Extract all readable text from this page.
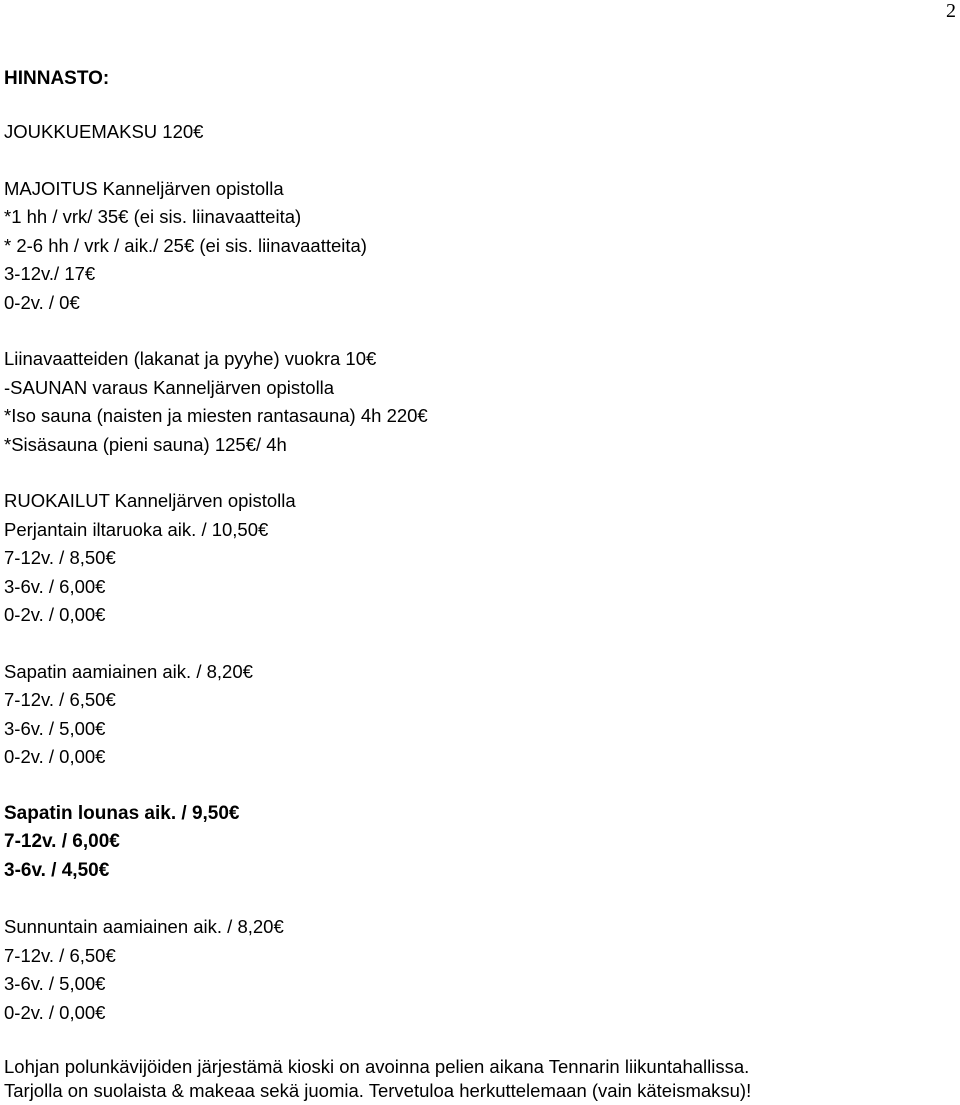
2
HINNASTO:
JOUKKUEMAKSU 120€
MAJOITUS Kanneljärven opistolla
*1 hh / vrk/ 35€ (ei sis. liinavaatteita)
* 2-6 hh / vrk / aik./ 25€ (ei sis. liinavaatteita)
3-12v./ 17€
0-2v. / 0€
Liinavaatteiden (lakanat ja pyyhe) vuokra 10€
-SAUNAN varaus Kanneljärven opistolla
*Iso sauna (naisten ja miesten rantasauna) 4h 220€
*Sisäsauna (pieni sauna) 125€/ 4h
RUOKAILUT Kanneljärven opistolla
Perjantain iltaruoka aik. / 10,50€
7-12v. / 8,50€
3-6v. / 6,00€
0-2v. / 0,00€
Sapatin aamiainen aik. / 8,20€
7-12v. / 6,50€
3-6v. / 5,00€
0-2v. / 0,00€
Sapatin lounas aik. / 9,50€
7-12v. / 6,00€
3-6v. / 4,50€
Sunnuntain aamiainen aik. / 8,20€
7-12v. / 6,50€
3-6v. / 5,00€
0-2v. / 0,00€
Lohjan polunkävijöiden järjestämä kioski on avoinna pelien aikana Tennarin liikuntahallissa.
Tarjolla on suolaista & makeaa sekä juomia. Tervetuloa herkuttelemaan (vain käteismaksu)!
